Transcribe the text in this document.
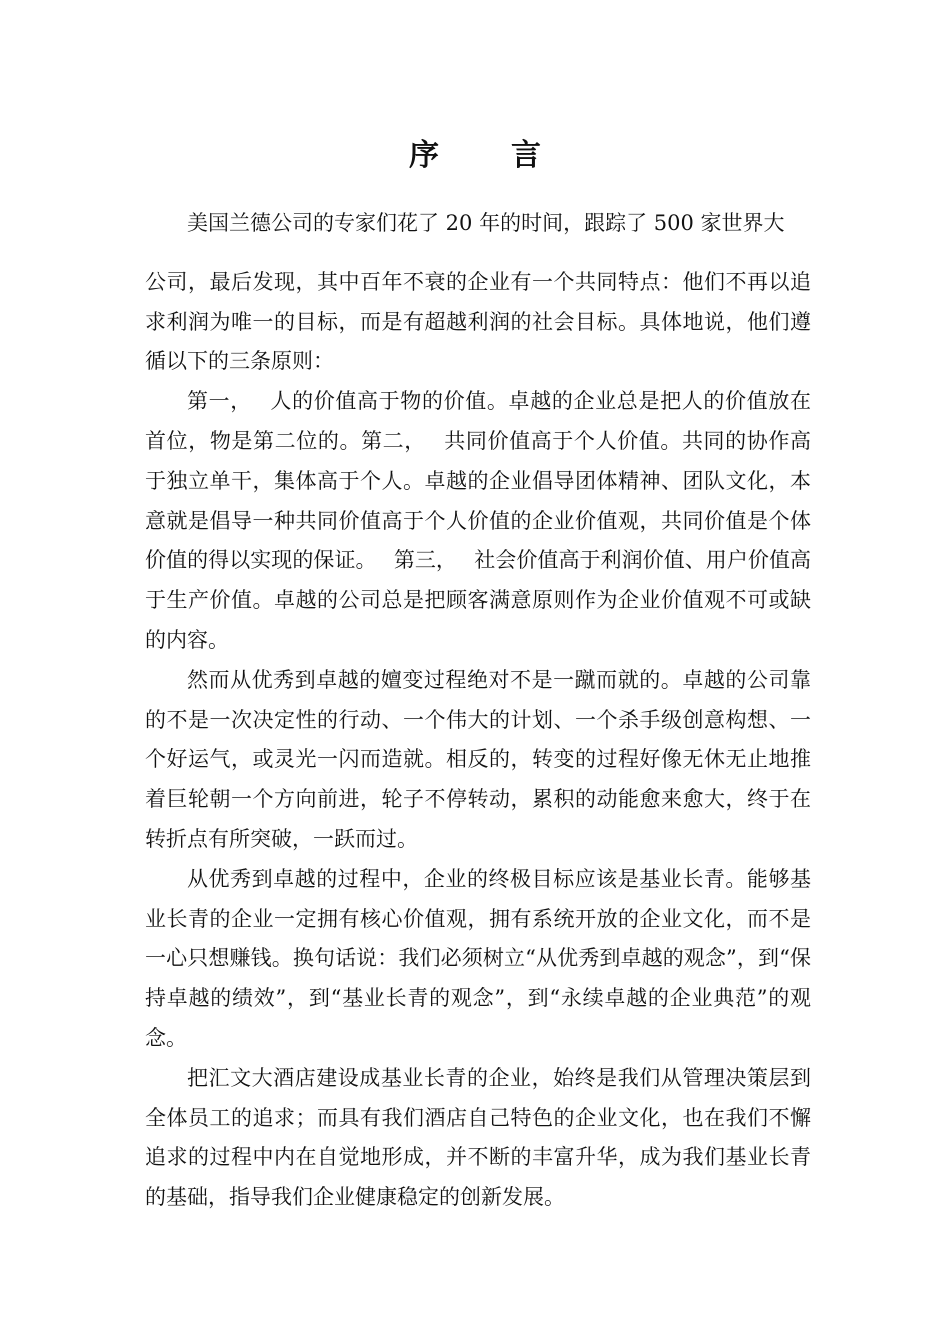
序 言

美国兰德公司的专家们花了 20 年的时间，跟踪了 500 家世界大
公司，最后发现，其中百年不衰的企业有一个共同特点：他们不再以追求利润为唯一的目标，而是有超越利润的社会目标。具体地说，他们遵循以下的三条原则：

第一，　 人的价值高于物的价值。卓越的企业总是把人的价值放在首位，物是第二位的。第二，　 共同价值高于个人价值。共同的协作高于独立单干，集体高于个人。卓越的企业倡导团体精神、团队文化，本意就是倡导一种共同价值高于个人价值的企业价值观，共同价值是个体价值的得以实现的保证。　 第三，　 社会价值高于利润价值、用户价值高于生产价值。卓越的公司总是把顾客满意原则作为企业价值观不可或缺的内容。

然而从优秀到卓越的嬗变过程绝对不是一蹴而就的。卓越的公司靠的不是一次决定性的行动、一个伟大的计划、一个杀手级创意构想、一个好运气，或灵光一闪而造就。相反的，转变的过程好像无休无止地推着巨轮朝一个方向前进，轮子不停转动，累积的动能愈来愈大，终于在转折点有所突破，一跃而过。

从优秀到卓越的过程中，企业的终极目标应该是基业长青。能够基业长青的企业一定拥有核心价值观，拥有系统开放的企业文化，而不是一心只想赚钱。换句话说：我们必须树立“从优秀到卓越的观念”，到“保持卓越的绩效”，到“基业长青的观念”，到“永续卓越的企业典范”的观念。

把汇文大酒店建设成基业长青的企业，始终是我们从管理决策层到全体员工的追求；而具有我们酒店自己特色的企业文化，也在我们不懈追求的过程中内在自觉地形成，并不断的丰富升华，成为我们基业长青的基础，指导我们企业健康稳定的创新发展。
